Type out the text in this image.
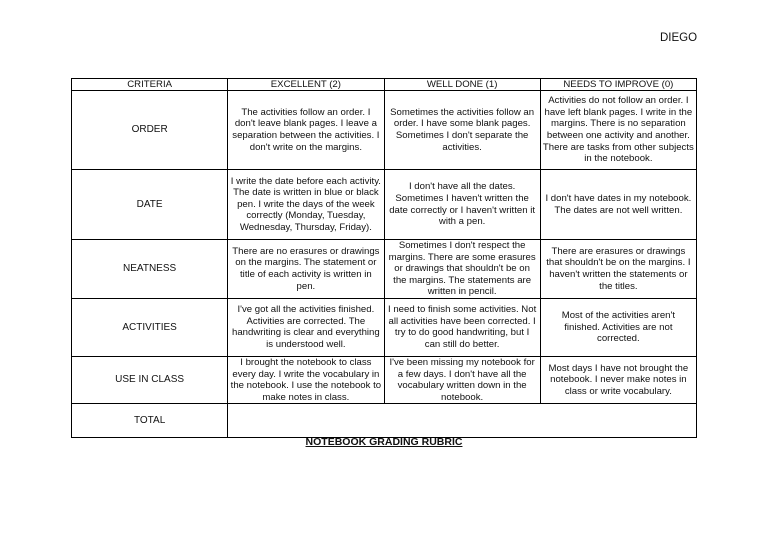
DIEGO
CRITERIA	EXCELLENT (2)	WELL DONE (1)	NEEDS TO IMPROVE (0)
ORDER	The activities follow an order. I don't leave blank pages. I leave a separation between the activities. I don't write on the margins.	Sometimes the activities follow an order. I have some blank pages. Sometimes I don't separate the activities.	Activities do not follow an order. I have left blank pages. I write in the margins. There is no separation between one activity and another. There are tasks from other subjects in the notebook.
DATE	I write the date before each activity. The date is written in blue or black pen. I write the days of the week correctly (Monday, Tuesday, Wednesday, Thursday, Friday).	I don't have all the dates. Sometimes I haven't written the date correctly or I haven't written it with a pen.	I don't have dates in my notebook. The dates are not well written.
NEATNESS	There are no erasures or drawings on the margins. The statement or title of each activity is written in pen.	Sometimes I don't respect the margins. There are some erasures or drawings that shouldn't be on the margins. The statements are written in pencil.	There are erasures or drawings that shouldn't be on the margins. I haven't written the statements or the titles.
ACTIVITIES	I've got all the activities finished. Activities are corrected. The handwriting is clear and everything is understood well.	I need to finish some activities. Not all activities have been corrected. I try to do good handwriting, but I can still do better.	Most of the activities aren't finished. Activities are not corrected.
USE IN CLASS	I brought the notebook to class every day. I write the vocabulary in the notebook. I use the notebook to make notes in class.	I've been missing my notebook for a few days. I don't have all the vocabulary written down in the notebook.	Most days I have not brought the notebook. I never make notes in class or write vocabulary.
TOTAL			
NOTEBOOK GRADING RUBRIC
